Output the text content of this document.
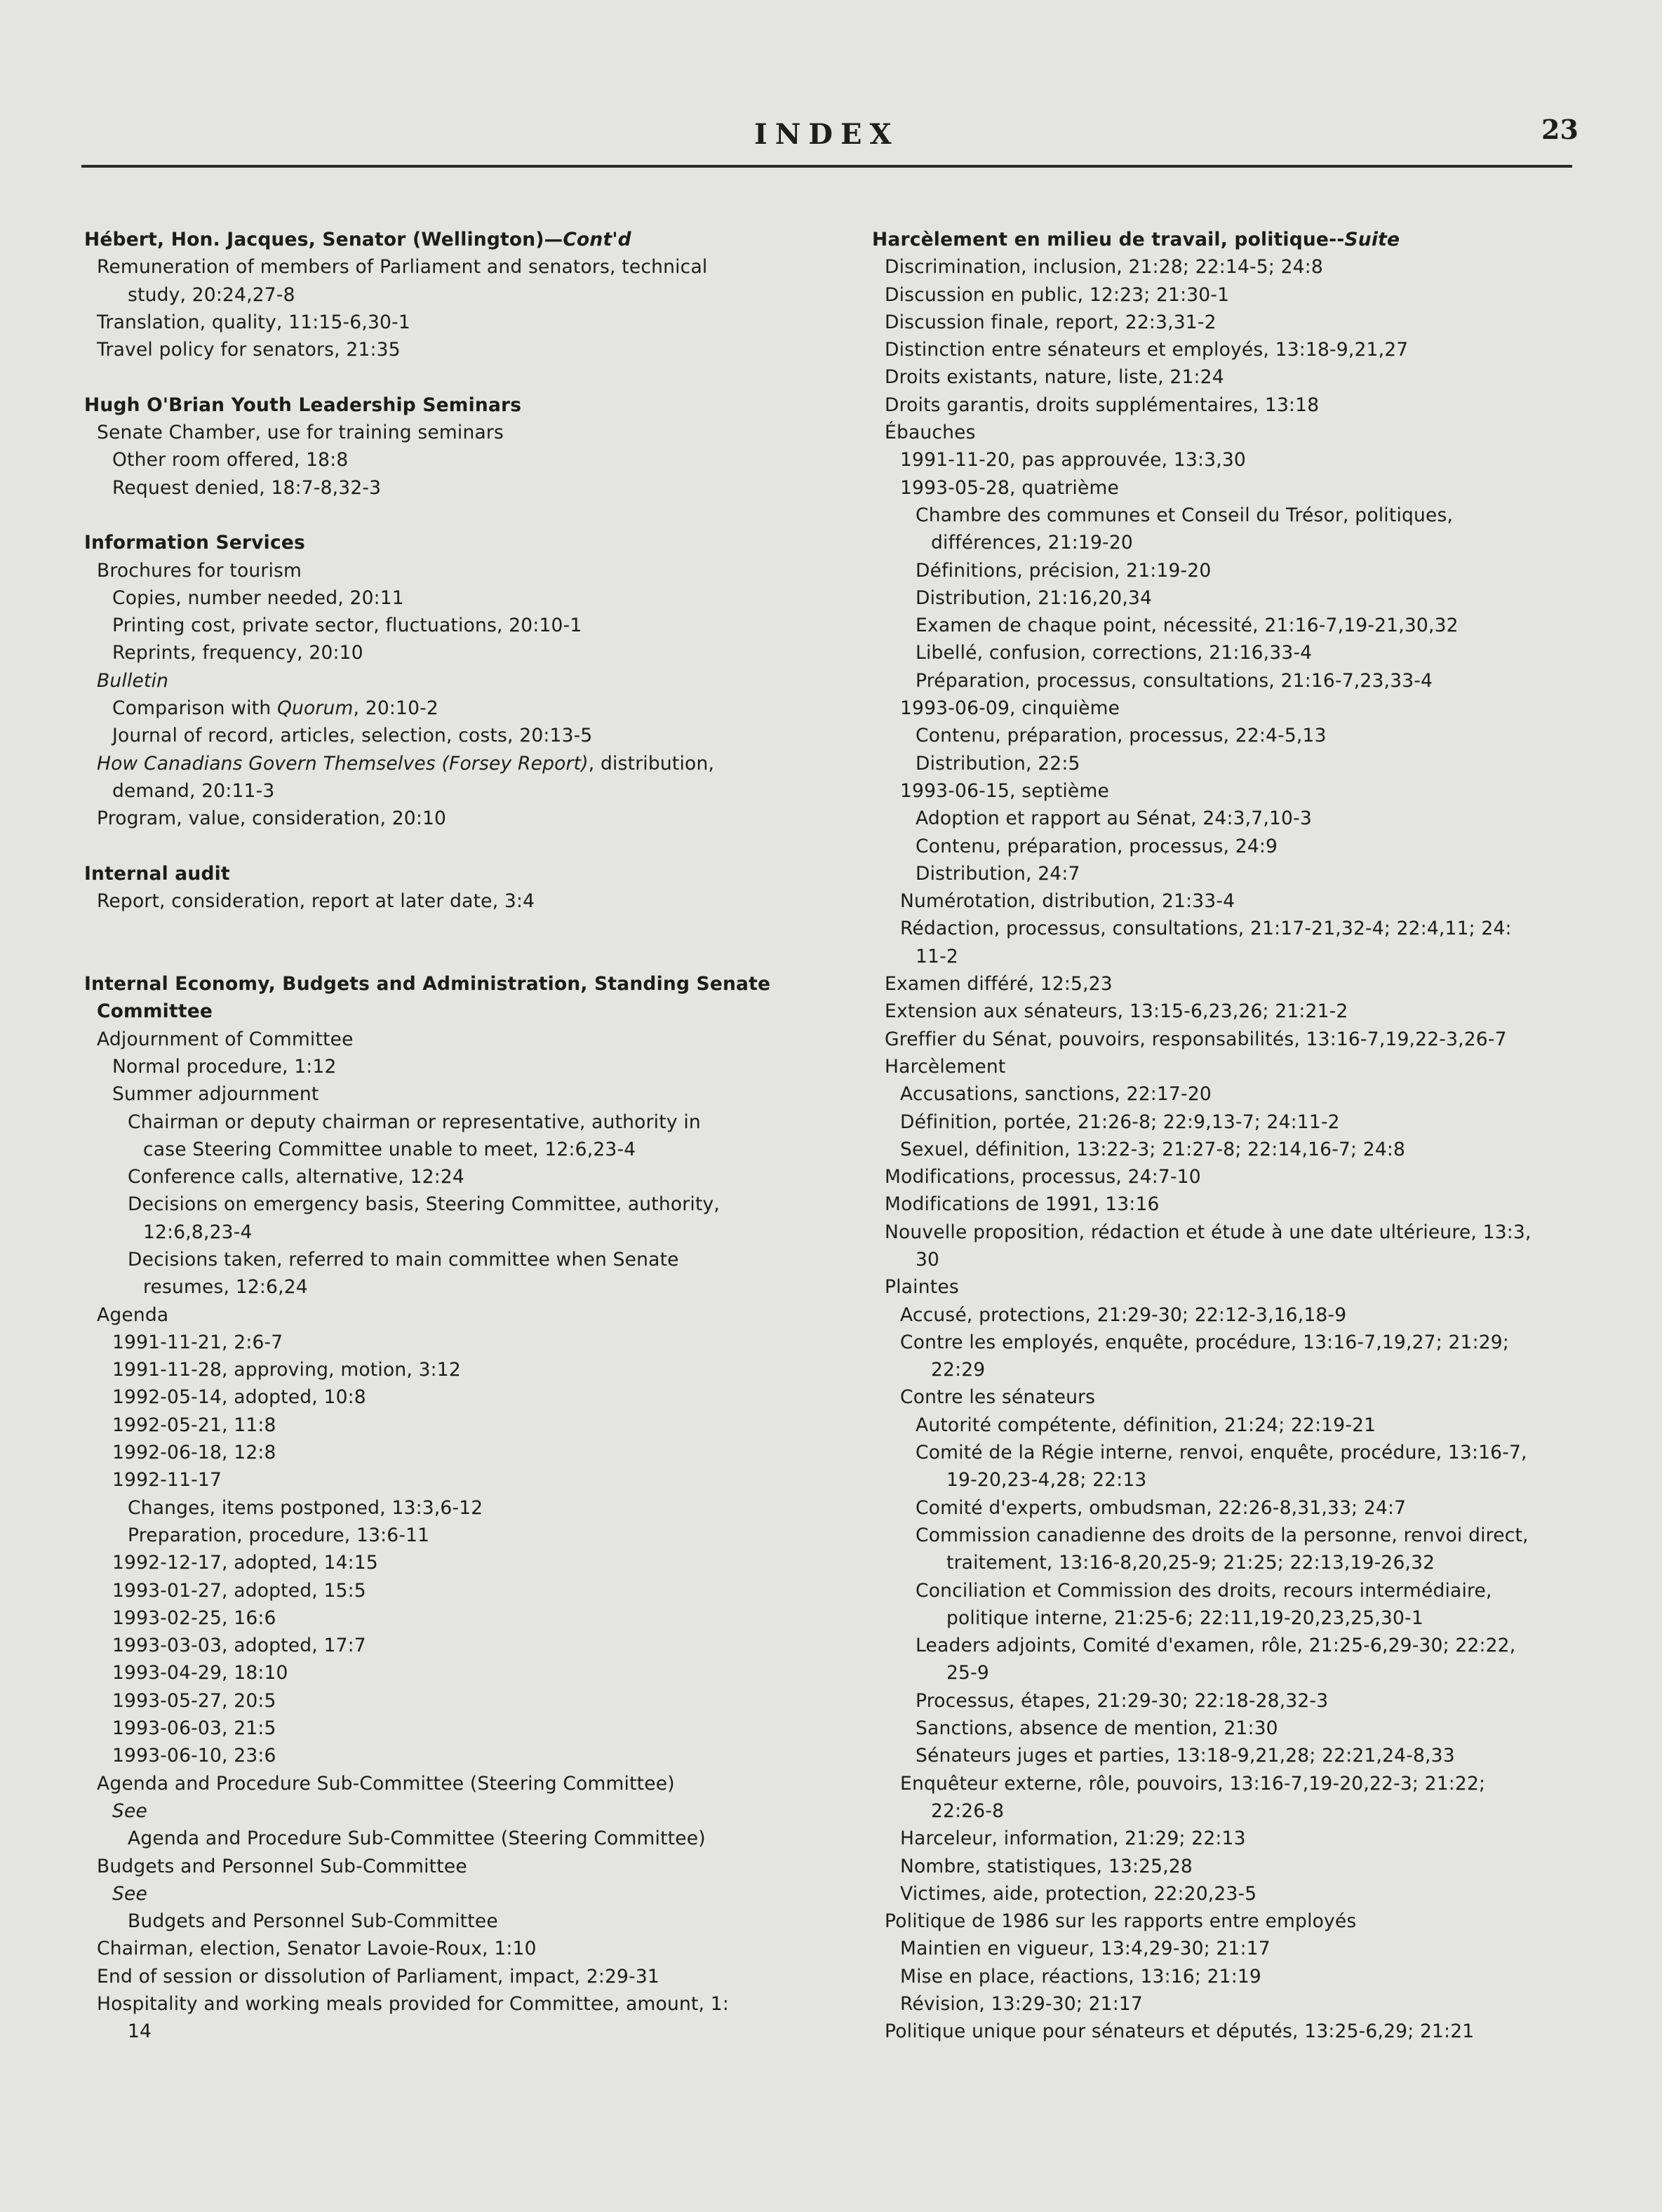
INDEX	23
Hébert, Hon. Jacques, Senator (Wellington)—Cont'd
Remuneration of members of Parliament and senators, technical
study, 20:24,27-8
Translation, quality, 11:15-6,30-1
Travel policy for senators, 21:35
Hugh O'Brian Youth Leadership Seminars
Senate Chamber, use for training seminars
Other room offered, 18:8
Request denied, 18:7-8,32-3
Information Services
Brochures for tourism
Copies, number needed, 20:11
Printing cost, private sector, fluctuations, 20:10-1
Reprints, frequency, 20:10
Bulletin
Comparison with Quorum, 20:10-2
Journal of record, articles, selection, costs, 20:13-5
How Canadians Govern Themselves (Forsey Report), distribution,
demand, 20:11-3
Program, value, consideration, 20:10
Internal audit
Report, consideration, report at later date, 3:4
Internal Economy, Budgets and Administration, Standing Senate
Committee
Adjournment of Committee
Normal procedure, 1:12
Summer adjournment
Chairman or deputy chairman or representative, authority in
case Steering Committee unable to meet, 12:6,23-4
Conference calls, alternative, 12:24
Decisions on emergency basis, Steering Committee, authority,
12:6,8,23-4
Decisions taken, referred to main committee when Senate
resumes, 12:6,24
Agenda
1991-11-21, 2:6-7
1991-11-28, approving, motion, 3:12
1992-05-14, adopted, 10:8
1992-05-21, 11:8
1992-06-18, 12:8
1992-11-17
Changes, items postponed, 13:3,6-12
Preparation, procedure, 13:6-11
1992-12-17, adopted, 14:15
1993-01-27, adopted, 15:5
1993-02-25, 16:6
1993-03-03, adopted, 17:7
1993-04-29, 18:10
1993-05-27, 20:5
1993-06-03, 21:5
1993-06-10, 23:6
Agenda and Procedure Sub-Committee (Steering Committee)
See
Agenda and Procedure Sub-Committee (Steering Committee)
Budgets and Personnel Sub-Committee
See
Budgets and Personnel Sub-Committee
Chairman, election, Senator Lavoie-Roux, 1:10
End of session or dissolution of Parliament, impact, 2:29-31
Hospitality and working meals provided for Committee, amount, 1:
14
Harcèlement en milieu de travail, politique--Suite
Discrimination, inclusion, 21:28; 22:14-5; 24:8
Discussion en public, 12:23; 21:30-1
Discussion finale, report, 22:3,31-2
Distinction entre sénateurs et employés, 13:18-9,21,27
Droits existants, nature, liste, 21:24
Droits garantis, droits supplémentaires, 13:18
Ébauches
1991-11-20, pas approuvée, 13:3,30
1993-05-28, quatrième
Chambre des communes et Conseil du Trésor, politiques,
différences, 21:19-20
Définitions, précision, 21:19-20
Distribution, 21:16,20,34
Examen de chaque point, nécessité, 21:16-7,19-21,30,32
Libellé, confusion, corrections, 21:16,33-4
Préparation, processus, consultations, 21:16-7,23,33-4
1993-06-09, cinquième
Contenu, préparation, processus, 22:4-5,13
Distribution, 22:5
1993-06-15, septième
Adoption et rapport au Sénat, 24:3,7,10-3
Contenu, préparation, processus, 24:9
Distribution, 24:7
Numérotation, distribution, 21:33-4
Rédaction, processus, consultations, 21:17-21,32-4; 22:4,11; 24:
11-2
Examen différé, 12:5,23
Extension aux sénateurs, 13:15-6,23,26; 21:21-2
Greffier du Sénat, pouvoirs, responsabilités, 13:16-7,19,22-3,26-7
Harcèlement
Accusations, sanctions, 22:17-20
Définition, portée, 21:26-8; 22:9,13-7; 24:11-2
Sexuel, définition, 13:22-3; 21:27-8; 22:14,16-7; 24:8
Modifications, processus, 24:7-10
Modifications de 1991, 13:16
Nouvelle proposition, rédaction et étude à une date ultérieure, 13:3,
30
Plaintes
Accusé, protections, 21:29-30; 22:12-3,16,18-9
Contre les employés, enquête, procédure, 13:16-7,19,27; 21:29;
22:29
Contre les sénateurs
Autorité compétente, définition, 21:24; 22:19-21
Comité de la Régie interne, renvoi, enquête, procédure, 13:16-7,
19-20,23-4,28; 22:13
Comité d'experts, ombudsman, 22:26-8,31,33; 24:7
Commission canadienne des droits de la personne, renvoi direct,
traitement, 13:16-8,20,25-9; 21:25; 22:13,19-26,32
Conciliation et Commission des droits, recours intermédiaire,
politique interne, 21:25-6; 22:11,19-20,23,25,30-1
Leaders adjoints, Comité d'examen, rôle, 21:25-6,29-30; 22:22,
25-9
Processus, étapes, 21:29-30; 22:18-28,32-3
Sanctions, absence de mention, 21:30
Sénateurs juges et parties, 13:18-9,21,28; 22:21,24-8,33
Enquêteur externe, rôle, pouvoirs, 13:16-7,19-20,22-3; 21:22;
22:26-8
Harceleur, information, 21:29; 22:13
Nombre, statistiques, 13:25,28
Victimes, aide, protection, 22:20,23-5
Politique de 1986 sur les rapports entre employés
Maintien en vigueur, 13:4,29-30; 21:17
Mise en place, réactions, 13:16; 21:19
Révision, 13:29-30; 21:17
Politique unique pour sénateurs et députés, 13:25-6,29; 21:21
